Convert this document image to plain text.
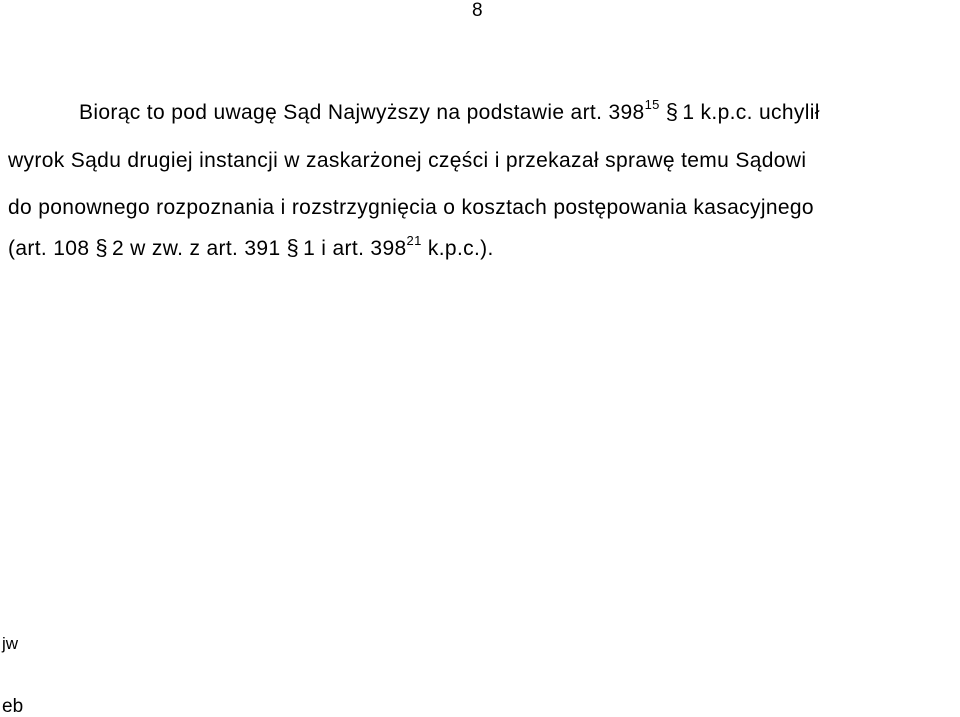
8
Biorąc to pod uwagę Sąd Najwyższy na podstawie art. $398^{15}$ § 1 k.p.c. uchylił
wyrok Sądu drugiej instancji w zaskarżonej części i przekazał sprawę temu Sądowi
do ponownego rozpoznania i rozstrzygnięcia o kosztach postępowania kasacyjnego
(art. 108 § 2 w zw. z art. 391 § 1 i art. $398^{21}$ k.p.c.).
jw
eb
